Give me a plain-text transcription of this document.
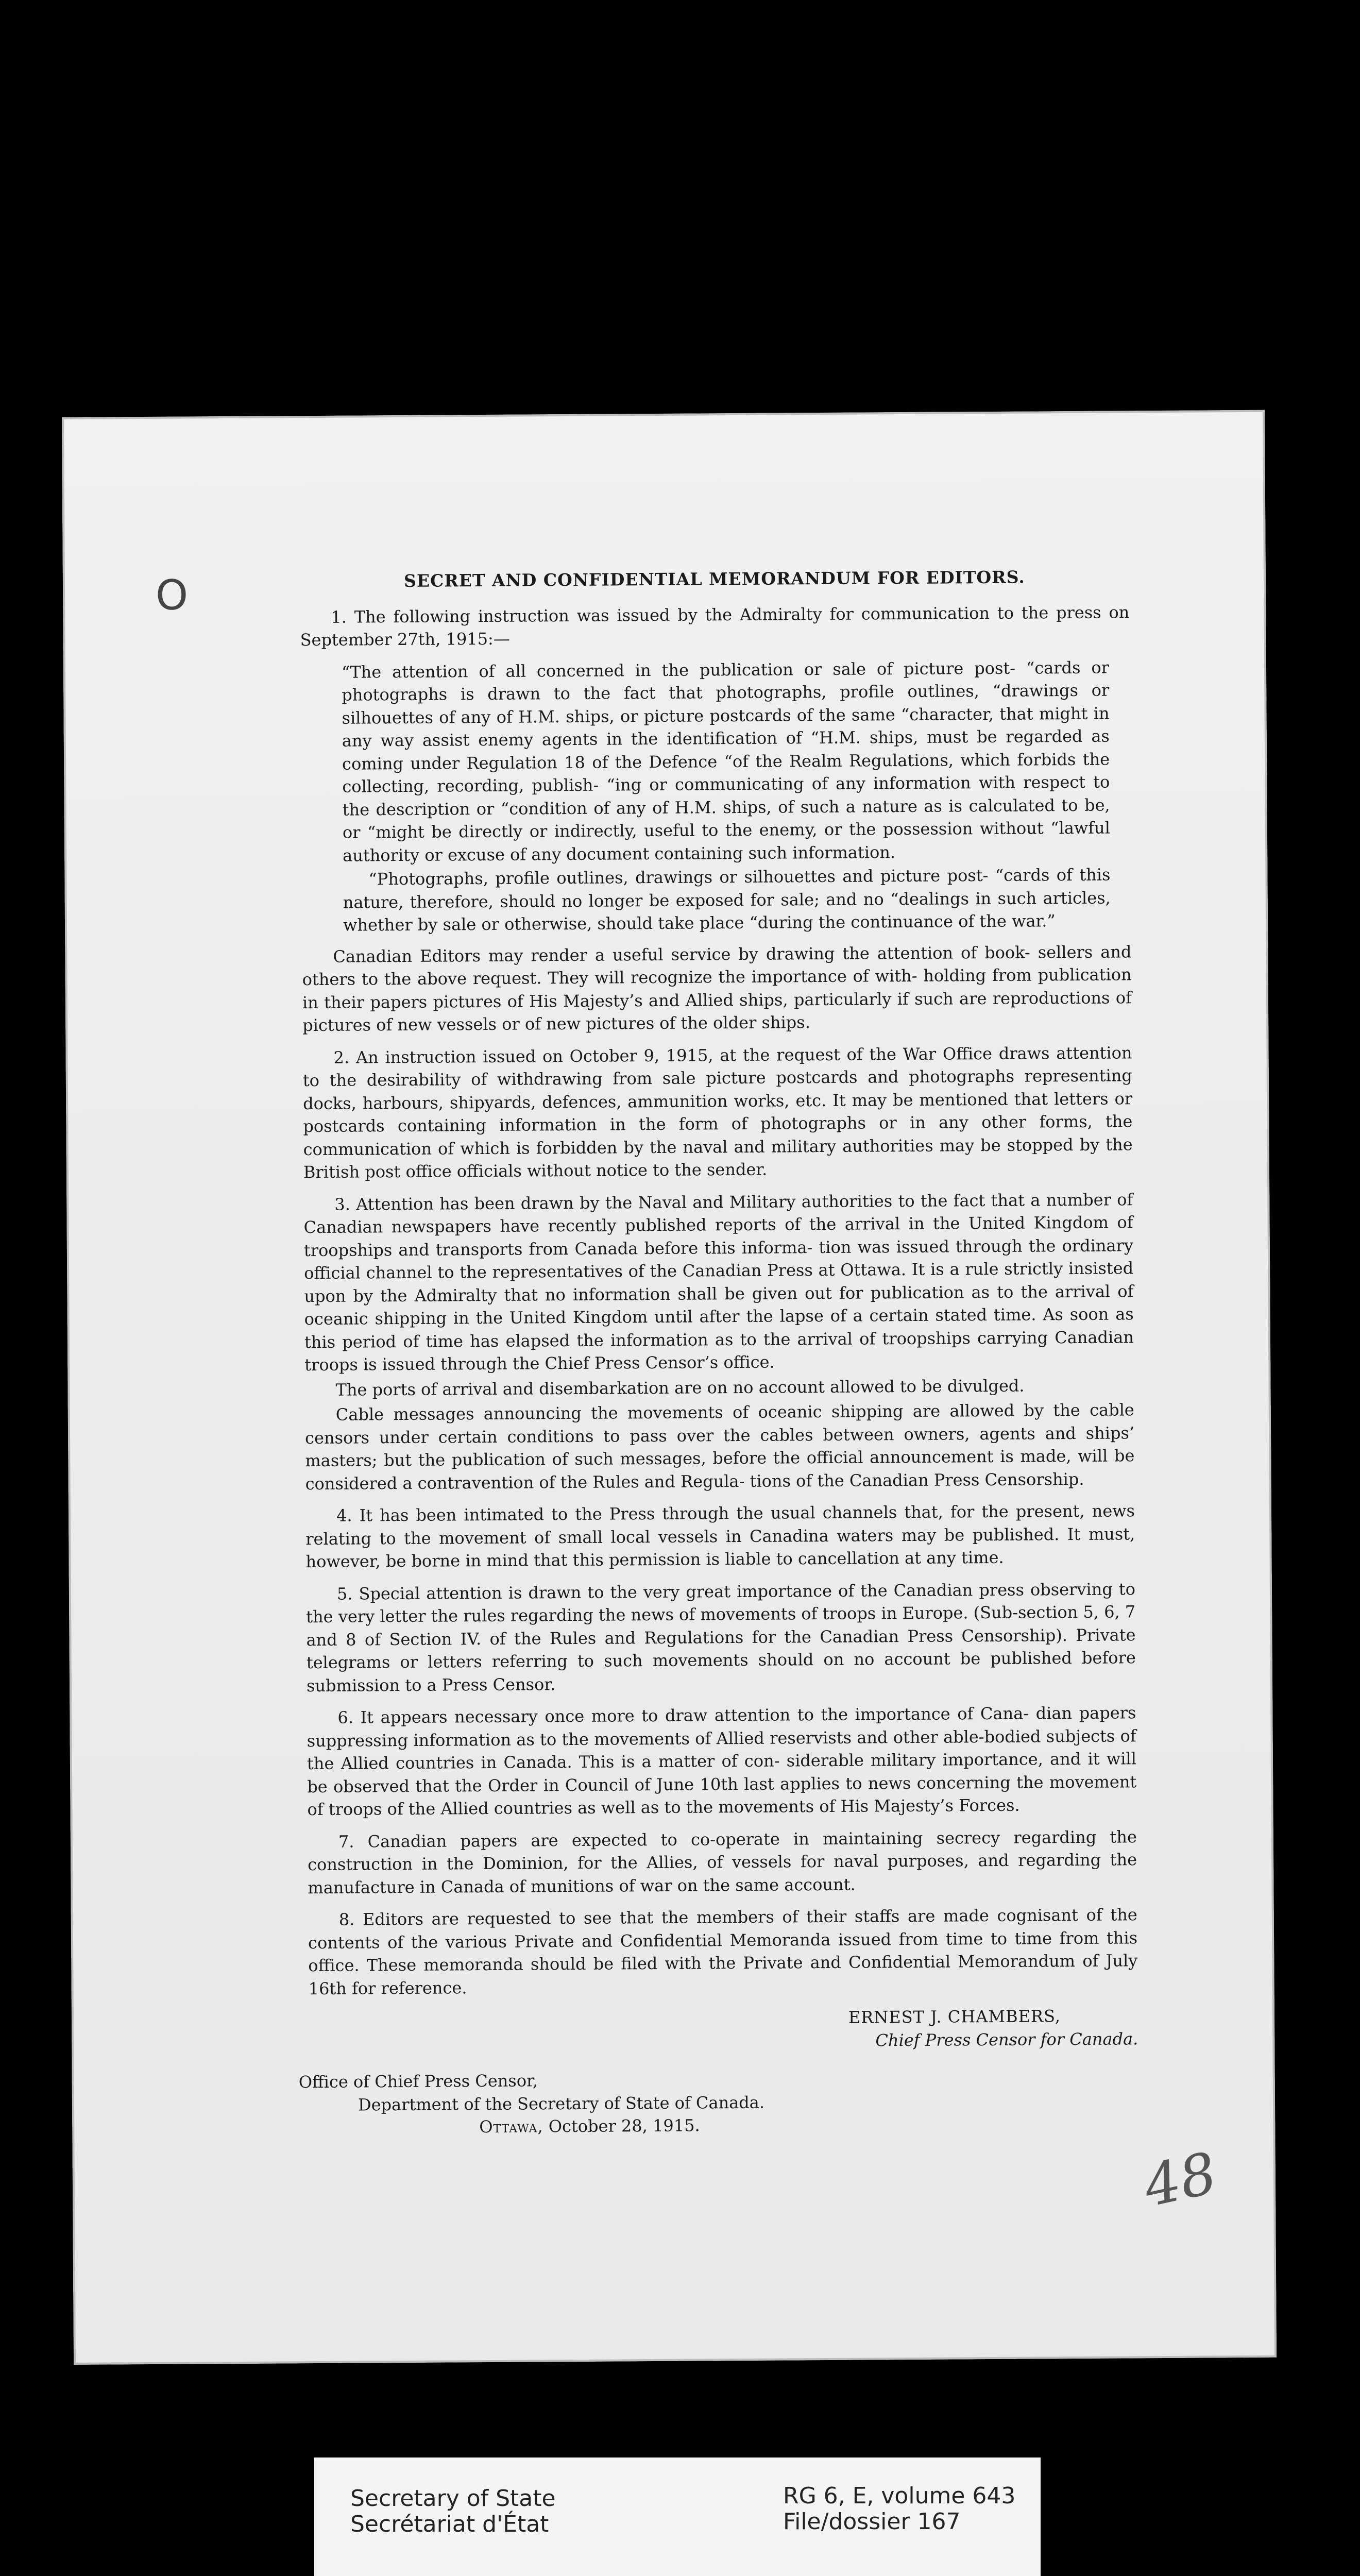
O	SECRET AND CONFIDENTIAL MEMORANDUM FOR EDITORS.

1. The following instruction was issued by the Admiralty for communication to the press on September 27th, 1915:—

“The attention of all concerned in the publication or sale of picture post- “cards or photographs is drawn to the fact that photographs, profile outlines, “drawings or silhouettes of any of H.M. ships, or picture postcards of the same “character, that might in any way assist enemy agents in the identification of “H.M. ships, must be regarded as coming under Regulation 18 of the Defence “of the Realm Regulations, which forbids the collecting, recording, publish- “ing or communicating of any information with respect to the description or “condition of any of H.M. ships, of such a nature as is calculated to be, or “might be directly or indirectly, useful to the enemy, or the possession without “lawful authority or excuse of any document containing such information.

“Photographs, profile outlines, drawings or silhouettes and picture post- “cards of this nature, therefore, should no longer be exposed for sale; and no “dealings in such articles, whether by sale or otherwise, should take place “during the continuance of the war.”

Canadian Editors may render a useful service by drawing the attention of book- sellers and others to the above request. They will recognize the importance of with- holding from publication in their papers pictures of His Majesty’s and Allied ships, particularly if such are reproductions of pictures of new vessels or of new pictures of the older ships.

2. An instruction issued on October 9, 1915, at the request of the War Office draws attention to the desirability of withdrawing from sale picture postcards and photographs representing docks, harbours, shipyards, defences, ammunition works, etc. It may be mentioned that letters or postcards containing information in the form of photographs or in any other forms, the communication of which is forbidden by the naval and military authorities may be stopped by the British post office officials without notice to the sender.

3. Attention has been drawn by the Naval and Military authorities to the fact that a number of Canadian newspapers have recently published reports of the arrival in the United Kingdom of troopships and transports from Canada before this informa- tion was issued through the ordinary official channel to the representatives of the Canadian Press at Ottawa. It is a rule strictly insisted upon by the Admiralty that no information shall be given out for publication as to the arrival of oceanic shipping in the United Kingdom until after the lapse of a certain stated time. As soon as this period of time has elapsed the information as to the arrival of troopships carrying Canadian troops is issued through the Chief Press Censor’s office.

The ports of arrival and disembarkation are on no account allowed to be divulged.

Cable messages announcing the movements of oceanic shipping are allowed by the cable censors under certain conditions to pass over the cables between owners, agents and ships’ masters; but the publication of such messages, before the official announcement is made, will be considered a contravention of the Rules and Regula- tions of the Canadian Press Censorship.

4. It has been intimated to the Press through the usual channels that, for the present, news relating to the movement of small local vessels in Canadina waters may be published. It must, however, be borne in mind that this permission is liable to cancellation at any time.

5. Special attention is drawn to the very great importance of the Canadian press observing to the very letter the rules regarding the news of movements of troops in Europe. (Sub-section 5, 6, 7 and 8 of Section IV. of the Rules and Regulations for the Canadian Press Censorship). Private telegrams or letters referring to such movements should on no account be published before submission to a Press Censor.

6. It appears necessary once more to draw attention to the importance of Cana- dian papers suppressing information as to the movements of Allied reservists and other able-bodied subjects of the Allied countries in Canada. This is a matter of con- siderable military importance, and it will be observed that the Order in Council of June 10th last applies to news concerning the movement of troops of the Allied countries as well as to the movements of His Majesty’s Forces.

7. Canadian papers are expected to co-operate in maintaining secrecy regarding the construction in the Dominion, for the Allies, of vessels for naval purposes, and regarding the manufacture in Canada of munitions of war on the same account.

8. Editors are requested to see that the members of their staffs are made cognisant of the contents of the various Private and Confidential Memoranda issued from time to time from this office. These memoranda should be filed with the Private and Confidential Memorandum of July 16th for reference.

ERNEST J. CHAMBERS,
Chief Press Censor for Canada.

Office of Chief Press Censor,

Department of the Secretary of State of Canada.

Ottawa, October 28, 1915.

48
Secretary of State
Secrétariat d'État
RG 6, E, volume 643
File/dossier 167
